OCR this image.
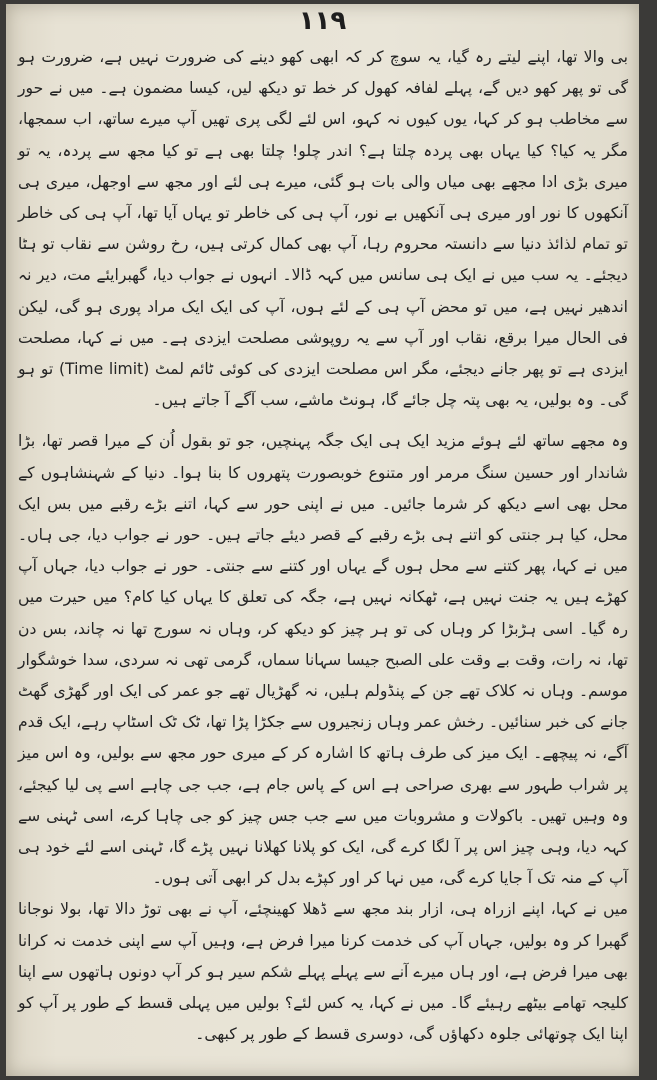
۱۱۹

بی والا تھا، اپنے لیتے رہ گیا، یہ سوچ کر کہ ابھی کھو دینے کی ضرورت نہیں ہے، ضرورت ہو گی تو پھر کھو دیں گے، پہلے لفافہ کھول کر خط تو دیکھ لیں، کیسا مضمون ہے۔ میں نے حور سے مخاطب ہو کر کہا، یوں کیوں نہ کہو، اس لئے لگی پری تھیں آپ میرے ساتھ، اب سمجھا، مگر یہ کیا؟ کیا یہاں بھی پردہ چلتا ہے؟ اندر چلو! چلتا بھی ہے تو کیا مجھ سے پردہ، یہ تو میری بڑی ادا مجھے بھی میاں والی بات ہو گئی، میرے ہی لئے اور مجھ سے اوجھل، میری ہی آنکھوں کا نور اور میری ہی آنکھیں بے نور، آپ ہی کی خاطر تو یہاں آیا تھا، آپ ہی کی خاطر تو تمام لذائذ دنیا سے دانستہ محروم رہا، آپ بھی کمال کرتی ہیں، رخ روشن سے نقاب تو ہٹا دیجئے۔ یہ سب میں نے ایک ہی سانس میں کہہ ڈالا۔ انہوں نے جواب دیا، گھبرایئے مت، دیر نہ اندھیر نہیں ہے، میں تو محض آپ ہی کے لئے ہوں، آپ کی ایک ایک مراد پوری ہو گی، لیکن فی الحال میرا برقع، نقاب اور آپ سے یہ روپوشی مصلحت ایزدی ہے۔ میں نے کہا، مصلحت ایزدی ہے تو پھر جانے دیجئے، مگر اس مصلحت ایزدی کی کوئی ٹائم لمٹ (Time limit) تو ہو گی۔ وہ بولیں، یہ بھی پتہ چل جائے گا، ہونٹ ماشے، سب آگے آ جاتے ہیں۔

وہ مجھے ساتھ لئے ہوئے مزید ایک ہی ایک جگہ پہنچیں، جو تو بقول اُن کے میرا قصر تھا، بڑا شاندار اور حسین سنگ مرمر اور متنوع خوبصورت پتھروں کا بنا ہوا۔ دنیا کے شہنشاہوں کے محل بھی اسے دیکھ کر شرما جائیں۔ میں نے اپنی حور سے کہا، اتنے بڑے رقبے میں بس ایک محل، کیا ہر جنتی کو اتنے ہی بڑے رقبے کے قصر دیئے جاتے ہیں۔ حور نے جواب دیا، جی ہاں۔ میں نے کہا، پھر کتنے سے محل ہوں گے یہاں اور کتنے سے جنتی۔ حور نے جواب دیا، جہاں آپ کھڑے ہیں یہ جنت نہیں ہے، ٹھکانہ نہیں ہے، جگہ کی تعلق کا یہاں کیا کام؟ میں حیرت میں رہ گیا۔ اسی ہڑبڑا کر وہاں کی تو ہر چیز کو دیکھ کر، وہاں نہ سورج تھا نہ چاند، بس دن تھا، نہ رات، وقت بے وقت علی الصبح جیسا سہانا سماں، گرمی تھی نہ سردی، سدا خوشگوار موسم۔ وہاں نہ کلاک تھے جن کے پنڈولم ہلیں، نہ گھڑیال تھے جو عمر کی ایک اور گھڑی گھٹ جانے کی خبر سنائیں۔ رخش عمر وہاں زنجیروں سے جکڑا پڑا تھا، ٹک ٹک اسٹاپ رہے، ایک قدم آگے، نہ پیچھے۔ ایک میز کی طرف ہاتھ کا اشارہ کر کے میری حور مجھ سے بولیں، وہ اس میز پر شراب طہور سے بھری صراحی ہے اس کے پاس جام ہے، جب جی چاہے اسے پی لیا کیجئے، وہ وہیں تھیں۔ باکولات و مشروبات میں سے جب جس چیز کو جی چاہا کرے، اسی ٹہنی سے کہہ دیا، وہی چیز اس پر آ لگا کرے گی، ایک کو پلانا کھلانا نہیں پڑے گا، ٹہنی اسے لئے خود ہی آپ کے منہ تک آ جایا کرے گی، میں نہا کر اور کپڑے بدل کر ابھی آتی ہوں۔

میں نے کہا، اپنے ازراہ ہی، ازار بند مجھ سے ڈھلا کھینچئے، آپ نے بھی توڑ دالا تھا، بولا نوجانا گھبرا کر وہ بولیں، جہاں آپ کی خدمت کرنا میرا فرض ہے، وہیں آپ سے اپنی خدمت نہ کرانا بھی میرا فرض ہے، اور ہاں میرے آنے سے پہلے پہلے شکم سیر ہو کر آپ دونوں ہاتھوں سے اپنا کلیجہ تھامے بیٹھے رہیئے گا۔ میں نے کہا، یہ کس لئے؟ بولیں میں پہلی قسط کے طور پر آپ کو اپنا ایک چوتھائی جلوہ دکھاؤں گی، دوسری قسط کے طور پر کبھی۔
